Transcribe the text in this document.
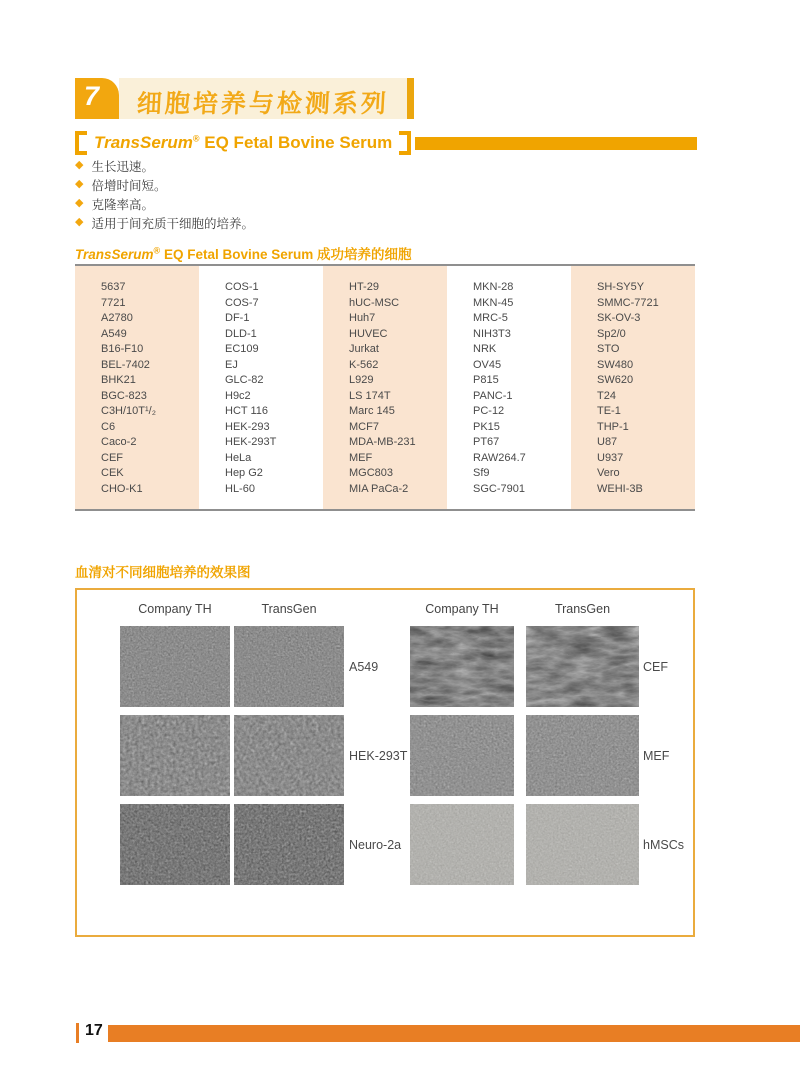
7 细胞培养与检测系列
TransSerum® EQ Fetal Bovine Serum
◆ 生长迅速。
◆ 倍增时间短。
◆ 克隆率高。
◆ 适用于间充质干细胞的培养。
TransSerum® EQ Fetal Bovine Serum 成功培养的细胞
5637
7721
A2780
A549
B16-F10
BEL-7402
BHK21
BGC-823
C3H/10T¹/₂
C6
Caco-2
CEF
CEK
CHO-K1
COS-1
COS-7
DF-1
DLD-1
EC109
EJ
GLC-82
H9c2
HCT 116
HEK-293
HEK-293T
HeLa
Hep G2
HL-60
HT-29
hUC-MSC
Huh7
HUVEC
Jurkat
K-562
L929
LS 174T
Marc 145
MCF7
MDA-MB-231
MEF
MGC803
MIA PaCa-2
MKN-28
MKN-45
MRC-5
NIH3T3
NRK
OV45
P815
PANC-1
PC-12
PK15
PT67
RAW264.7
Sf9
SGC-7901
SH-SY5Y
SMMC-7721
SK-OV-3
Sp2/0
STO
SW480
SW620
T24
TE-1
THP-1
U87
U937
Vero
WEHI-3B
血清对不同细胞培养的效果图
Company TH	TransGen
A549
HEK-293T
Neuro-2a
Company TH	TransGen
CEF
MEF
hMSCs
17
